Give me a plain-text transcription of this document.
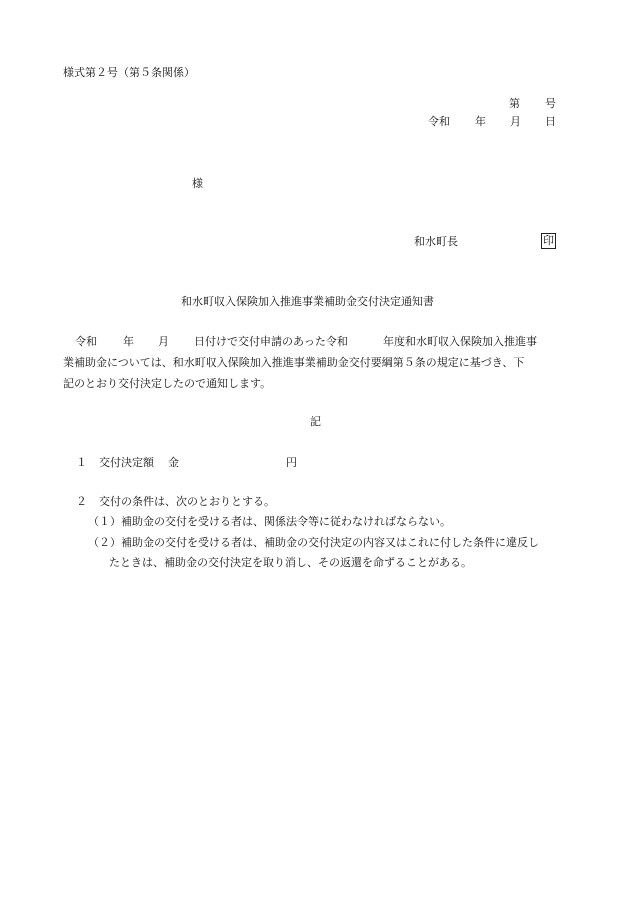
様式第２号（第５条関係）
第 号
令和 年 月 日
様
和水町長	印
和水町収入保険加入推進事業補助金交付決定通知書
令和 年 月 日付けで交付申請のあった令和	年度和水町収入保険加入推進事
業補助金については、和水町収入保険加入推進事業補助金交付要綱第５条の規定に基づき、下
記のとおり交付決定したので通知します。
記
１ 交付決定額 金	円
２ 交付の条件は、次のとおりとする。
（１） 補助金の交付を受ける者は、関係法令等に従わなければならない。
（２） 補助金の交付を受ける者は、補助金の交付決定の内容又はこれに付した条件に違反し
たときは、補助金の交付決定を取り消し、その返還を命ずることがある。
